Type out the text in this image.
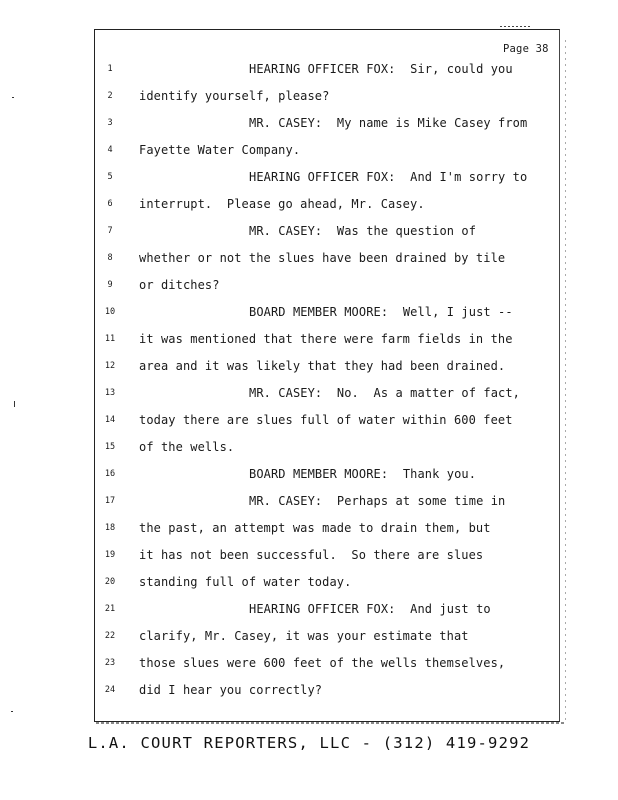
Page 38
1	HEARING OFFICER FOX:  Sir, could you
2	identify yourself, please?
3	MR. CASEY:  My name is Mike Casey from
4	Fayette Water Company.
5	HEARING OFFICER FOX:  And I'm sorry to
6	interrupt.  Please go ahead, Mr. Casey.
7	MR. CASEY:  Was the question of
8	whether or not the slues have been drained by tile
9	or ditches?
10	BOARD MEMBER MOORE:  Well, I just --
11	it was mentioned that there were farm fields in the
12	area and it was likely that they had been drained.
13	MR. CASEY:  No.  As a matter of fact,
14	today there are slues full of water within 600 feet
15	of the wells.
16	BOARD MEMBER MOORE:  Thank you.
17	MR. CASEY:  Perhaps at some time in
18	the past, an attempt was made to drain them, but
19	it has not been successful.  So there are slues
20	standing full of water today.
21	HEARING OFFICER FOX:  And just to
22	clarify, Mr. Casey, it was your estimate that
23	those slues were 600 feet of the wells themselves,
24	did I hear you correctly?
L.A. COURT REPORTERS, LLC - (312) 419-9292
